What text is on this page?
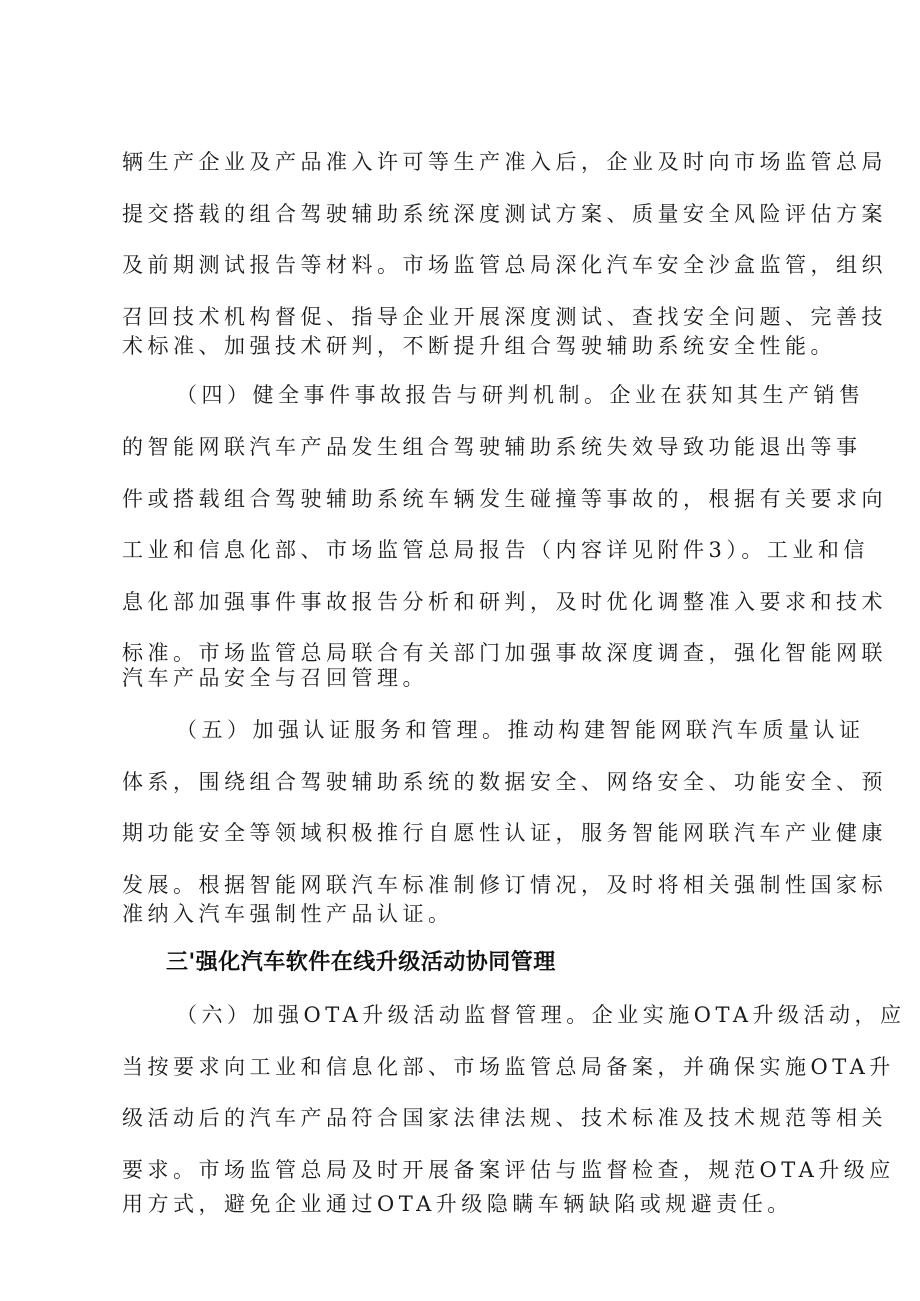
辆生产企业及产品准入许可等生产准入后，企业及时向市场监管总局

提交搭载的组合驾驶辅助系统深度测试方案、质量安全风险评估方案

及前期测试报告等材料。市场监管总局深化汽车安全沙盒监管，组织

召回技术机构督促、指导企业开展深度测试、查找安全问题、完善技

术标准、加强技术研判，不断提升组合驾驶辅助系统安全性能。

（四）健全事件事故报告与研判机制。企业在获知其生产销售

的智能网联汽车产品发生组合驾驶辅助系统失效导致功能退出等事

件或搭载组合驾驶辅助系统车辆发生碰撞等事故的，根据有关要求向

工业和信息化部、市场监管总局报告（内容详见附件3）。工业和信

息化部加强事件事故报告分析和研判，及时优化调整准入要求和技术

标准。市场监管总局联合有关部门加强事故深度调查，强化智能网联

汽车产品安全与召回管理。

（五）加强认证服务和管理。推动构建智能网联汽车质量认证

体系，围绕组合驾驶辅助系统的数据安全、网络安全、功能安全、预

期功能安全等领域积极推行自愿性认证，服务智能网联汽车产业健康

发展。根据智能网联汽车标准制修订情况，及时将相关强制性国家标

准纳入汽车强制性产品认证。

三'强化汽车软件在线升级活动协同管理

（六）加强OTA升级活动监督管理。企业实施OTA升级活动，应

当按要求向工业和信息化部、市场监管总局备案，并确保实施OTA升

级活动后的汽车产品符合国家法律法规、技术标准及技术规范等相关

要求。市场监管总局及时开展备案评估与监督检查，规范OTA升级应

用方式，避免企业通过OTA升级隐瞒车辆缺陷或规避责任。
